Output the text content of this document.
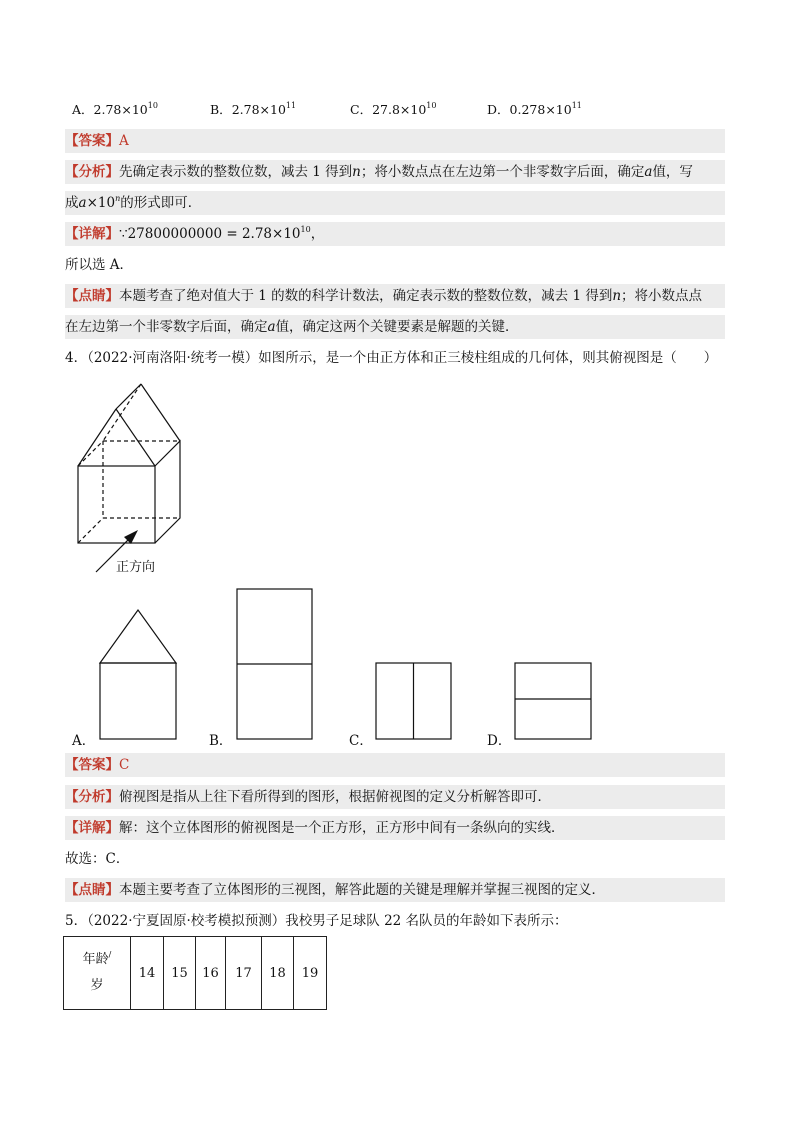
A．$2.78\times 10^{10}$	B．$2.78\times 10^{11}$	C．$27.8\times 10^{10}$	D．$0.278\times 10^{11}$
【答案】A
【分析】先确定表示数的整数位数，减去 1 得到n；将小数点点在左边第一个非零数字后面，确定a值，写
成$a\times 10^n$的形式即可．
【详解】∵27800000000 = $2.78\times 10^{10}$，
所以选 A．
【点睛】本题考查了绝对值大于 1 的数的科学计数法，确定表示数的整数位数，减去 1 得到n；将小数点点
在左边第一个非零数字后面，确定a值，确定这两个关键要素是解题的关键．
4．（2022·河南洛阳·统考一模）如图所示，是一个由正方体和正三棱柱组成的几何体，则其俯视图是（　　）
正方向
A．	B．	C．	D．
【答案】C
【分析】俯视图是指从上往下看所得到的图形，根据俯视图的定义分析解答即可．
【详解】解：这个立体图形的俯视图是一个正方形，正方形中间有一条纵向的实线．
故选：C．
【点睛】本题主要考查了立体图形的三视图，解答此题的关键是理解并掌握三视图的定义．
5．（2022·宁夏固原·校考模拟预测）我校男子足球队 22 名队员的年龄如下表所示：
年龄/
岁	14	15	16	17	18	19
